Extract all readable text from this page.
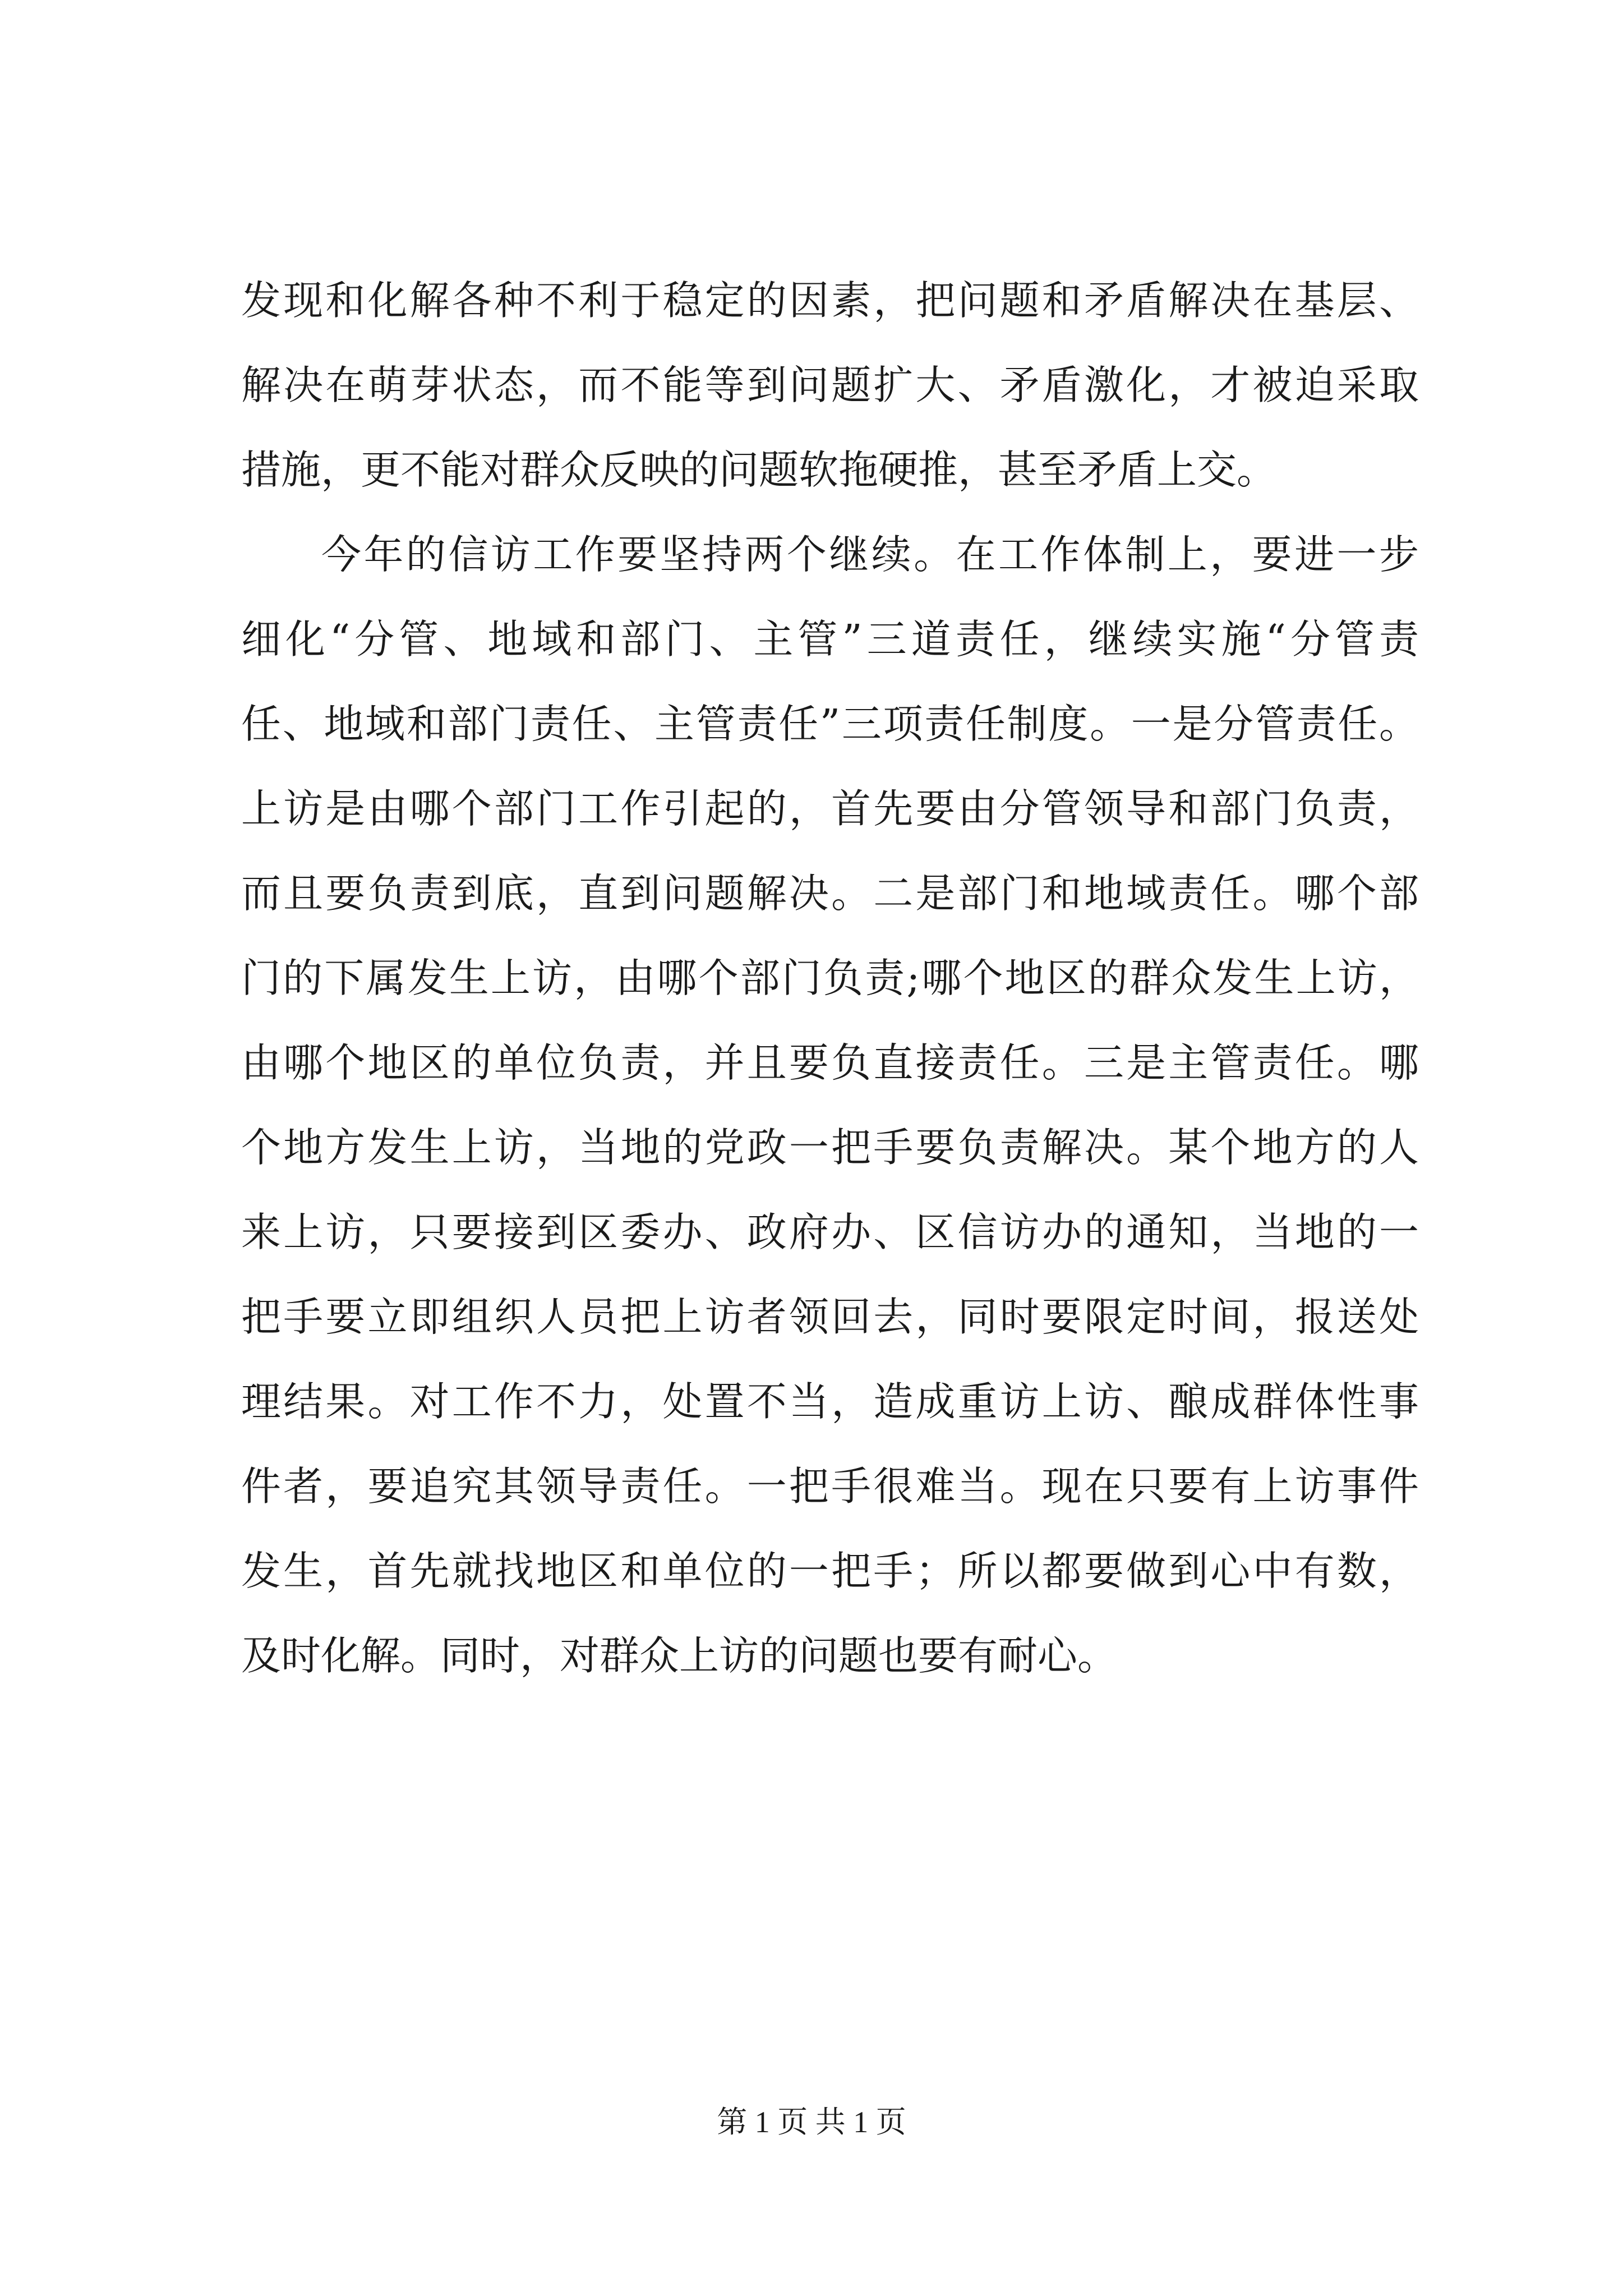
发现和化解各种不利于稳定的因素，把问题和矛盾解决在基层、
解决在萌芽状态，而不能等到问题扩大、矛盾激化，才被迫采取
措施，更不能对群众反映的问题软拖硬推，甚至矛盾上交。
今年的信访工作要坚持两个继续。在工作体制上，要进一步
细化“分管、地域和部门、主管”三道责任，继续实施“分管责
任、地域和部门责任、主管责任”三项责任制度。一是分管责任。
上访是由哪个部门工作引起的，首先要由分管领导和部门负责，
而且要负责到底，直到问题解决。二是部门和地域责任。哪个部
门的下属发生上访，由哪个部门负责;哪个地区的群众发生上访，
由哪个地区的单位负责，并且要负直接责任。三是主管责任。哪
个地方发生上访，当地的党政一把手要负责解决。某个地方的人
来上访，只要接到区委办、政府办、区信访办的通知，当地的一
把手要立即组织人员把上访者领回去，同时要限定时间，报送处
理结果。对工作不力，处置不当，造成重访上访、酿成群体性事
件者，要追究其领导责任。一把手很难当。现在只要有上访事件
发生，首先就找地区和单位的一把手；所以都要做到心中有数，
及时化解。同时，对群众上访的问题也要有耐心。
第 1 页 共 1 页
